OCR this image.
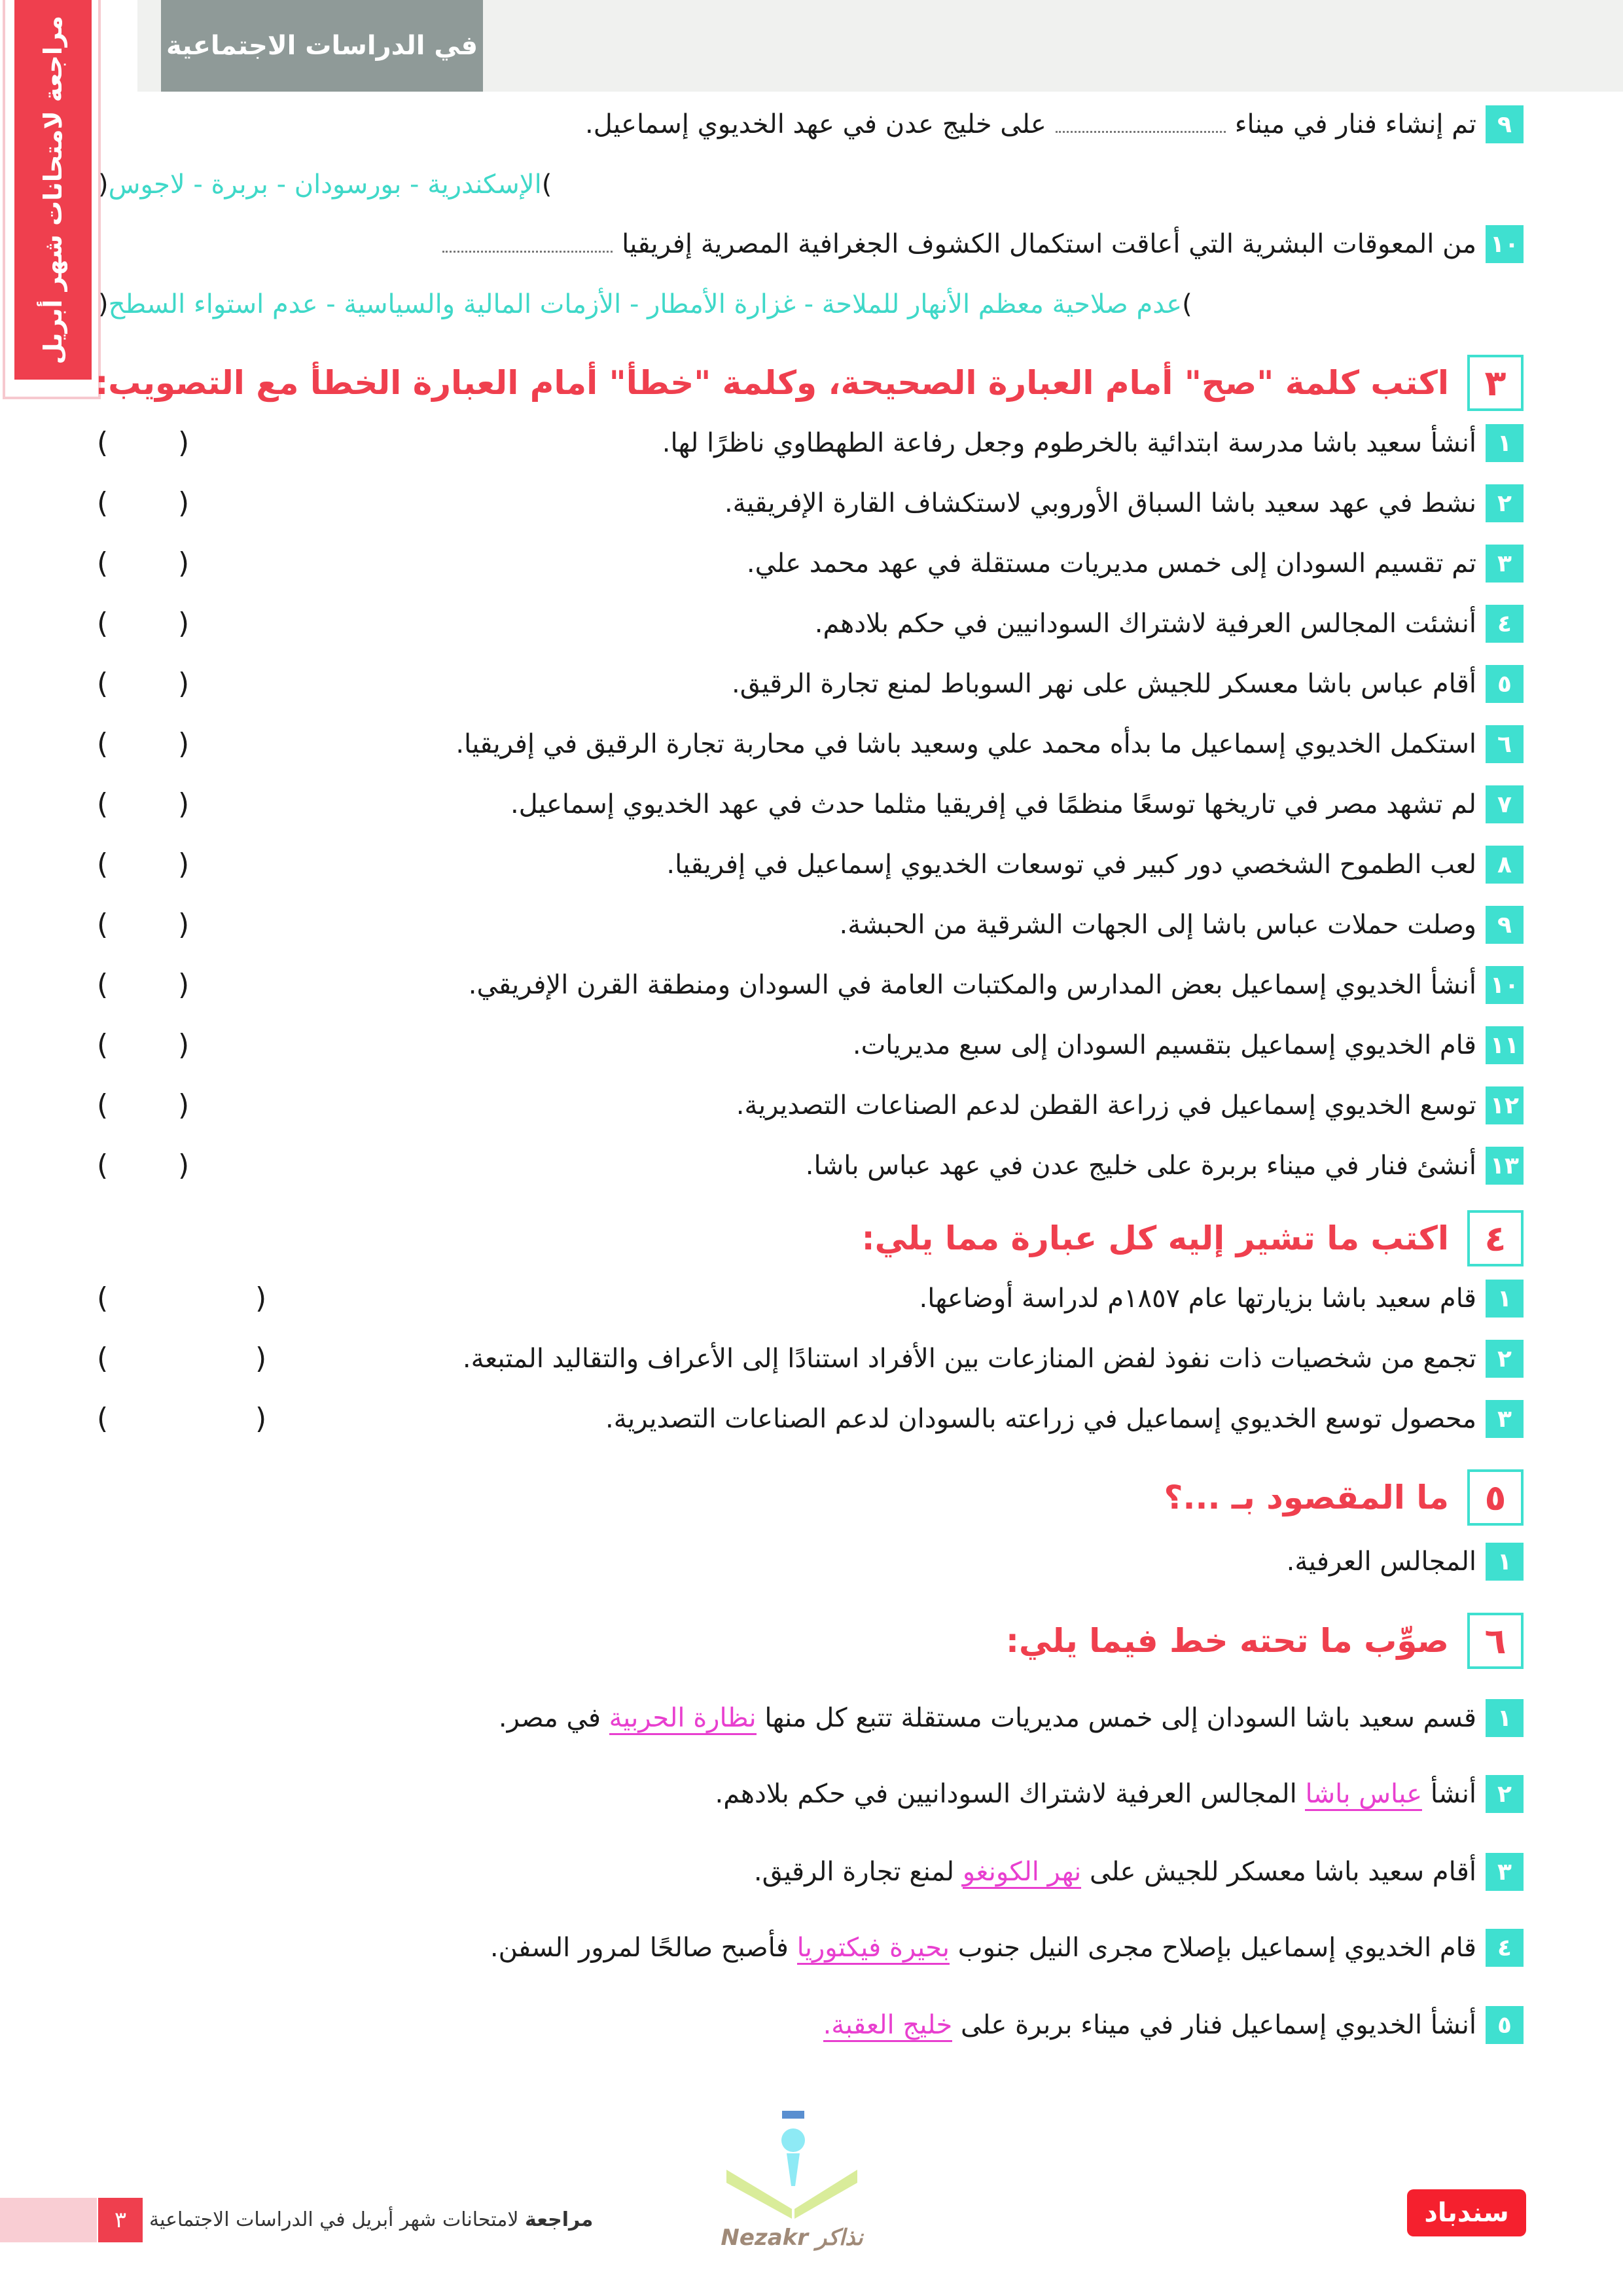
مراجعة لامتحانات شهر أبريل	في الدراسات الاجتماعية
تم إنشاء فنار في ميناءعلى خليج عدن في عهد الخديوي إسماعيل.	٩
)الإسكندرية - بورسودان - بربرة - لاجوس(
من المعوقات البشرية التي أعاقت استكمال الكشوف الجغرافية المصرية إفريقيا ١٠
)عدم صلاحية معظم الأنهار للملاحة - غزارة الأمطار - الأزمات المالية والسياسية - عدم استواء السطح(
٣
اكتب كلمة "صح" أمام العبارة الصحيحة، وكلمة "خطأ" أمام العبارة الخطأ مع التصويب:
أنشأ سعيد باشا مدرسة ابتدائية بالخرطوم وجعل رفاعة الطهطاوي ناظرًا لها. ١
( )
نشط في عهد سعيد باشا السباق الأوروبي لاستكشاف القارة الإفريقية. ٢
( )
تم تقسيم السودان إلى خمس مديريات مستقلة في عهد محمد علي. ٣
( )
أنشئت المجالس العرفية لاشتراك السودانيين في حكم بلادهم. ٤
( )
أقام عباس باشا معسكر للجيش على نهر السوباط لمنع تجارة الرقيق. ٥
( )
استكمل الخديوي إسماعيل ما بدأه محمد علي وسعيد باشا في محاربة تجارة الرقيق في إفريقيا. ٦
( )
لم تشهد مصر في تاريخها توسعًا منظمًا في إفريقيا مثلما حدث في عهد الخديوي إسماعيل. ٧
( )
لعب الطموح الشخصي دور كبير في توسعات الخديوي إسماعيل في إفريقيا. ٨
( )
وصلت حملات عباس باشا إلى الجهات الشرقية من الحبشة. ٩
( )
أنشأ الخديوي إسماعيل بعض المدارس والمكتبات العامة في السودان ومنطقة القرن الإفريقي. ١٠
( )
قام الخديوي إسماعيل بتقسيم السودان إلى سبع مديريات. ١١
( )
توسع الخديوي إسماعيل في زراعة القطن لدعم الصناعات التصديرية. ١٢
( )
أنشئ فنار في ميناء بربرة على خليج عدن في عهد عباس باشا. ١٣
( )
٤
اكتب ما تشير إليه كل عبارة مما يلي:
قام سعيد باشا بزيارتها عام ١٨٥٧م لدراسة أوضاعها. ١
(	)
تجمع من شخصيات ذات نفوذ لفض المنازعات بين الأفراد استنادًا إلى الأعراف والتقاليد المتبعة. ٢
(	)
محصول توسع الخديوي إسماعيل في زراعته بالسودان لدعم الصناعات التصديرية. ٣
(	)
٥
ما المقصود بـ ...؟
المجالس العرفية. ١
٦
صوِّب ما تحته خط فيما يلي:
قسم سعيد باشا السودان إلى خمس مديريات مستقلة تتبع كل منها نظارة الحربية في مصر.	١
أنشأ عباس باشا المجالس العرفية لاشتراك السودانيين في حكم بلادهم.	٢
أقام سعيد باشا معسكر للجيش على نهر الكونغو لمنع تجارة الرقيق.	٣
قام الخديوي إسماعيل بإصلاح مجرى النيل جنوب بحيرة فيكتوريا فأصبح صالحًا لمرور السفن.	٤
أنشأ الخديوي إسماعيل فنار في ميناء بربرة على خليج العقبة.	٥
٣	مراجعة لامتحانات شهر أبريل في الدراسات الاجتماعية
Nezakr نذاكر
سندباد
